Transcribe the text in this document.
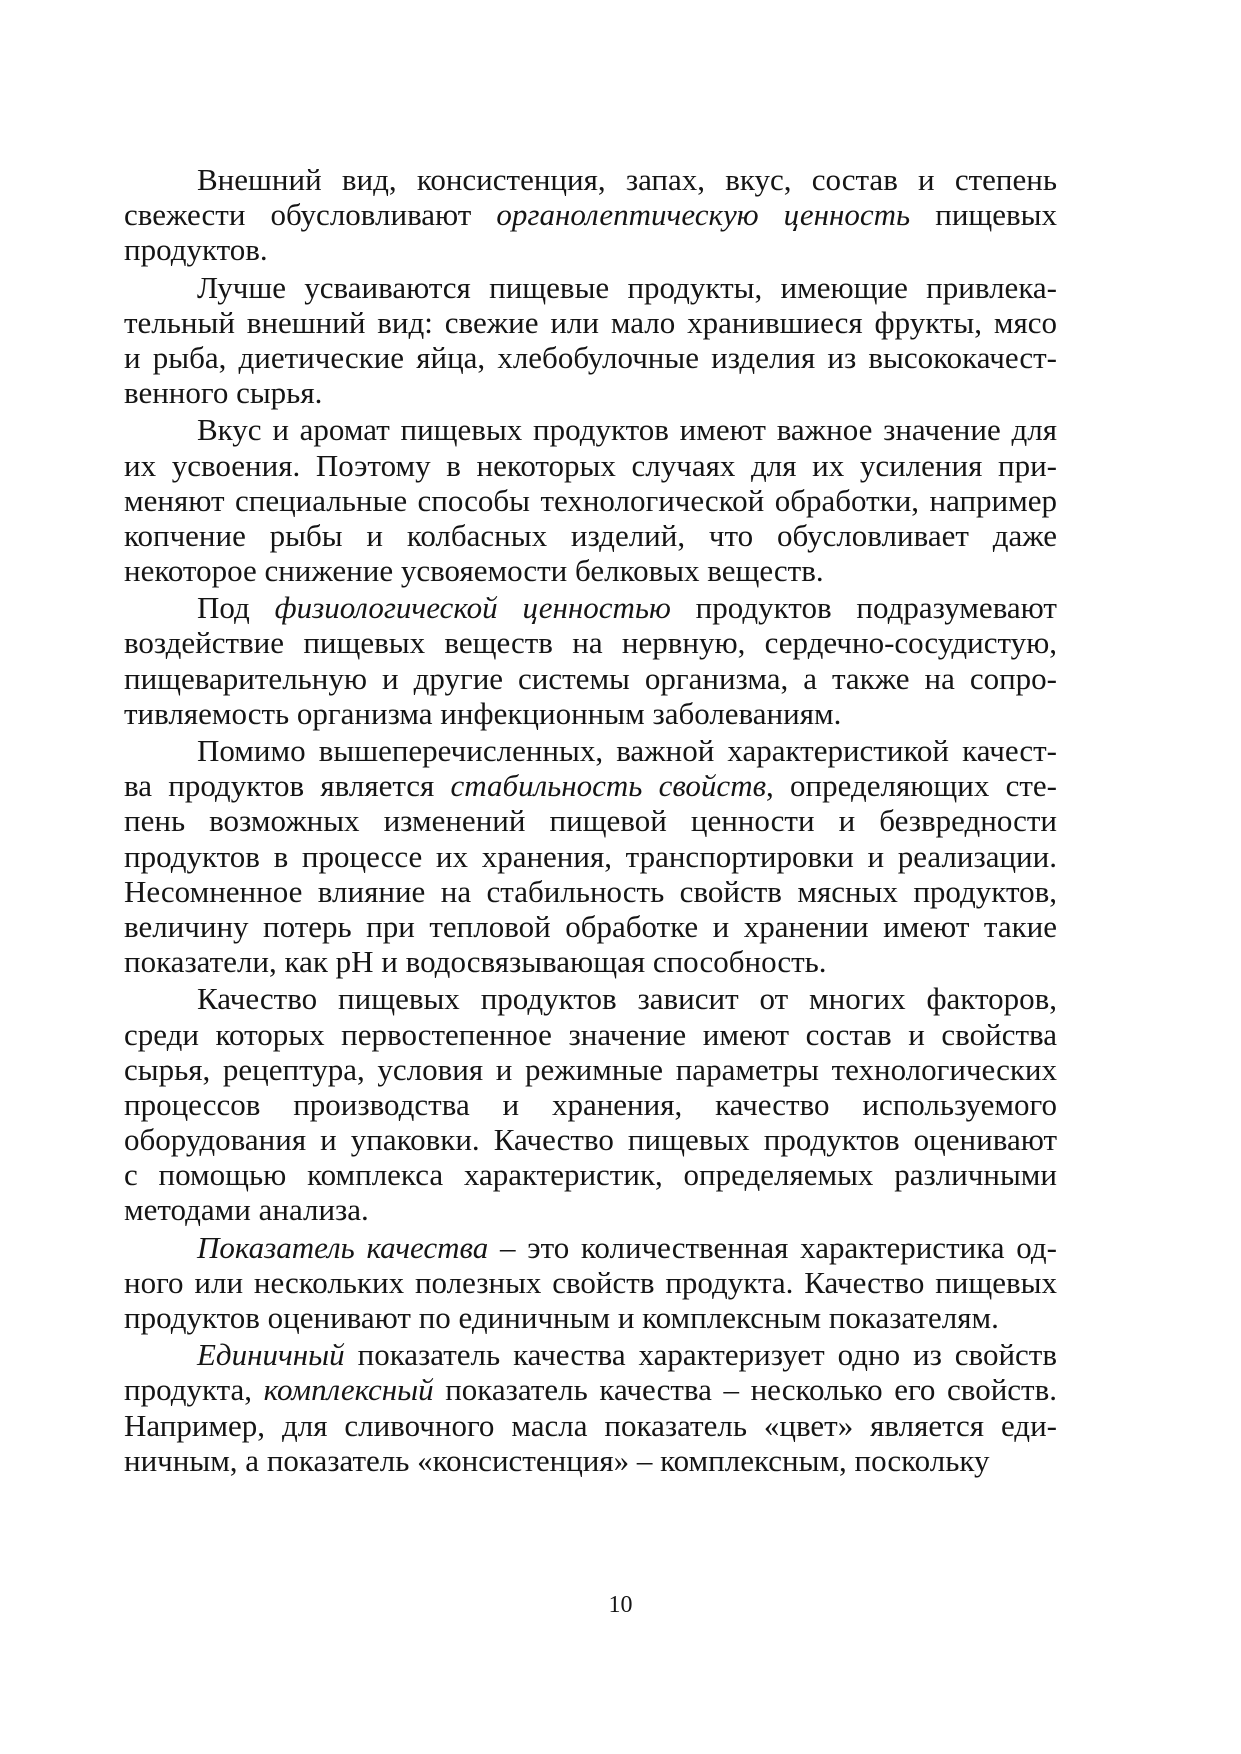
Внешний вид, консистенция, запах, вкус, состав и степень
свежести обусловливают органолептическую ценность пищевых
продуктов.
Лучше усваиваются пищевые продукты, имеющие привлека-
тельный внешний вид: свежие или мало хранившиеся фрукты, мясо
и рыба, диетические яйца, хлебобулочные изделия из высококачест-
венного сырья.
Вкус и аромат пищевых продуктов имеют важное значение для
их усвоения. Поэтому в некоторых случаях для их усиления при-
меняют специальные способы технологической обработки, например
копчение рыбы и колбасных изделий, что обусловливает даже
некоторое снижение усвояемости белковых веществ.
Под физиологической ценностью продуктов подразумевают
воздействие пищевых веществ на нервную, сердечно-сосудистую,
пищеварительную и другие системы организма, а также на сопро-
тивляемость организма инфекционным заболеваниям.
Помимо вышеперечисленных, важной характеристикой качест-
ва продуктов является стабильность свойств, определяющих сте-
пень возможных изменений пищевой ценности и безвредности
продуктов в процессе их хранения, транспортировки и реализации.
Несомненное влияние на стабильность свойств мясных продуктов,
величину потерь при тепловой обработке и хранении имеют такие
показатели, как pH и водосвязывающая способность.
Качество пищевых продуктов зависит от многих факторов,
среди которых первостепенное значение имеют состав и свойства
сырья, рецептура, условия и режимные параметры технологических
процессов производства и хранения, качество используемого
оборудования и упаковки. Качество пищевых продуктов оценивают
с помощью комплекса характеристик, определяемых различными
методами анализа.
Показатель качества – это количественная характеристика од-
ного или нескольких полезных свойств продукта. Качество пищевых
продуктов оценивают по единичным и комплексным показателям.
Единичный показатель качества характеризует одно из свойств
продукта, комплексный показатель качества – несколько его свойств.
Например, для сливочного масла показатель «цвет» является еди-
ничным, а показатель «консистенция» – комплексным, поскольку
10
